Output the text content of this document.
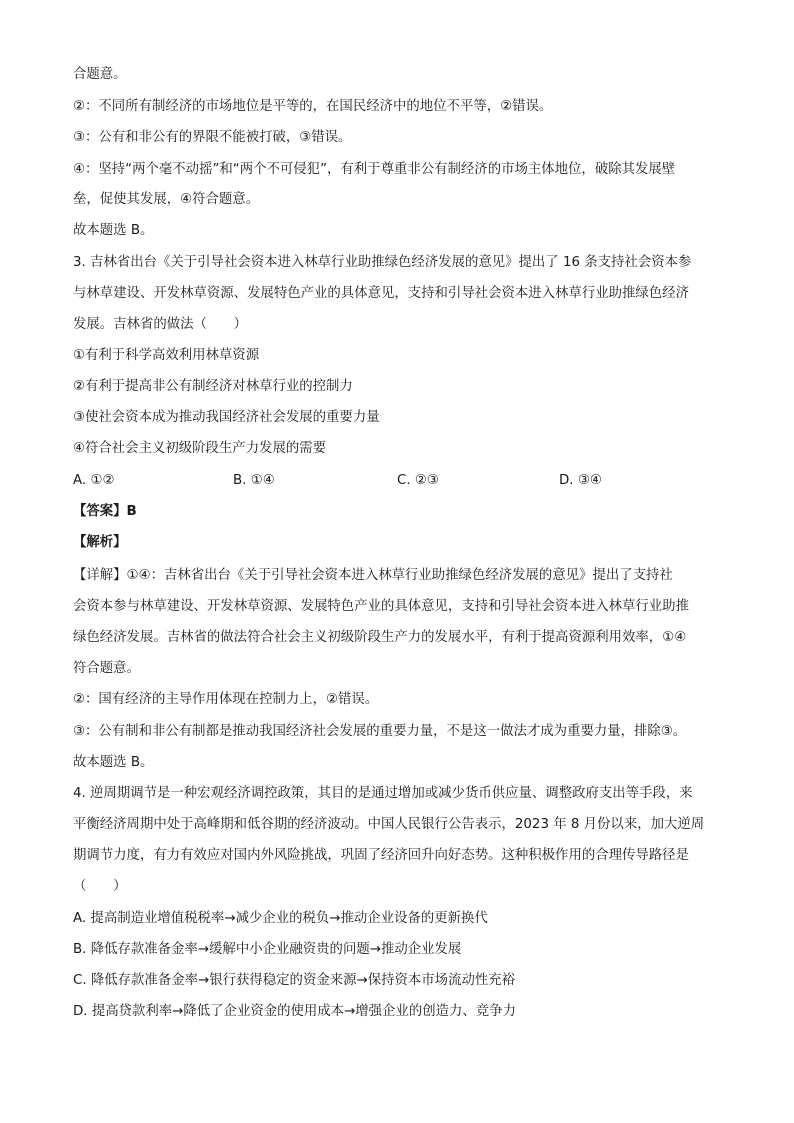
合题意。
②：不同所有制经济的市场地位是平等的，在国民经济中的地位不平等，②错误。
③：公有和非公有的界限不能被打破，③错误。
④：坚持“两个毫不动摇”和“两个不可侵犯”，有利于尊重非公有制经济的市场主体地位，破除其发展壁
垒，促使其发展，④符合题意。
故本题选 B。
3. 吉林省出台《关于引导社会资本进入林草行业助推绿色经济发展的意见》提出了 16 条支持社会资本参
与林草建设、开发林草资源、发展特色产业的具体意见，支持和引导社会资本进入林草行业助推绿色经济
发展。吉林省的做法（　　）
①有利于科学高效利用林草资源
②有利于提高非公有制经济对林草行业的控制力
③使社会资本成为推动我国经济社会发展的重要力量
④符合社会主义初级阶段生产力发展的需要
A. ①②	B. ①④	C. ②③	D. ③④
【答案】B
【解析】
【详解】①④：吉林省出台《关于引导社会资本进入林草行业助推绿色经济发展的意见》提出了支持社
会资本参与林草建设、开发林草资源、发展特色产业的具体意见，支持和引导社会资本进入林草行业助推
绿色经济发展。吉林省的做法符合社会主义初级阶段生产力的发展水平，有利于提高资源利用效率，①④
符合题意。
②：国有经济的主导作用体现在控制力上，②错误。
③：公有制和非公有制都是推动我国经济社会发展的重要力量，不是这一做法才成为重要力量，排除③。
故本题选 B。
4. 逆周期调节是一种宏观经济调控政策，其目的是通过增加或减少货币供应量、调整政府支出等手段，来
平衡经济周期中处于高峰期和低谷期的经济波动。中国人民银行公告表示，2023 年 8 月份以来，加大逆周
期调节力度，有力有效应对国内外风险挑战，巩固了经济回升向好态势。这种积极作用的合理传导路径是
（　　）
A. 提高制造业增值税税率→减少企业的税负→推动企业设备的更新换代
B. 降低存款准备金率→缓解中小企业融资贵的问题→推动企业发展
C. 降低存款准备金率→银行获得稳定的资金来源→保持资本市场流动性充裕
D. 提高贷款利率→降低了企业资金的使用成本→增强企业的创造力、竞争力
